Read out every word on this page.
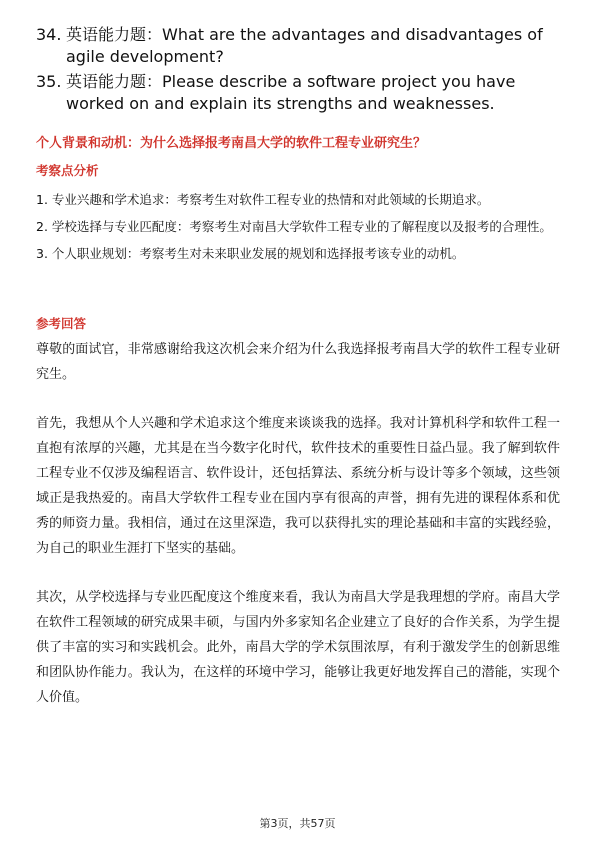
34. 英语能力题：What are the advantages and disadvantages of agile development?
35. 英语能力题：Please describe a software project you have worked on and explain its strengths and weaknesses.
个人背景和动机：为什么选择报考南昌大学的软件工程专业研究生？
考察点分析
1. 专业兴趣和学术追求：考察考生对软件工程专业的热情和对此领域的长期追求。
2. 学校选择与专业匹配度：考察考生对南昌大学软件工程专业的了解程度以及报考的合理性。
3. 个人职业规划：考察考生对未来职业发展的规划和选择报考该专业的动机。
参考回答

尊敬的面试官，非常感谢给我这次机会来介绍为什么我选择报考南昌大学的软件工程专业研究生。

首先，我想从个人兴趣和学术追求这个维度来谈谈我的选择。我对计算机科学和软件工程一直抱有浓厚的兴趣，尤其是在当今数字化时代，软件技术的重要性日益凸显。我了解到软件工程专业不仅涉及编程语言、软件设计，还包括算法、系统分析与设计等多个领域，这些领域正是我热爱的。南昌大学软件工程专业在国内享有很高的声誉，拥有先进的课程体系和优秀的师资力量。我相信，通过在这里深造，我可以获得扎实的理论基础和丰富的实践经验，为自己的职业生涯打下坚实的基础。

其次，从学校选择与专业匹配度这个维度来看，我认为南昌大学是我理想的学府。南昌大学在软件工程领域的研究成果丰硕，与国内外多家知名企业建立了良好的合作关系，为学生提供了丰富的实习和实践机会。此外，南昌大学的学术氛围浓厚，有利于激发学生的创新思维和团队协作能力。我认为，在这样的环境中学习，能够让我更好地发挥自己的潜能，实现个人价值。

第3页，共57页
